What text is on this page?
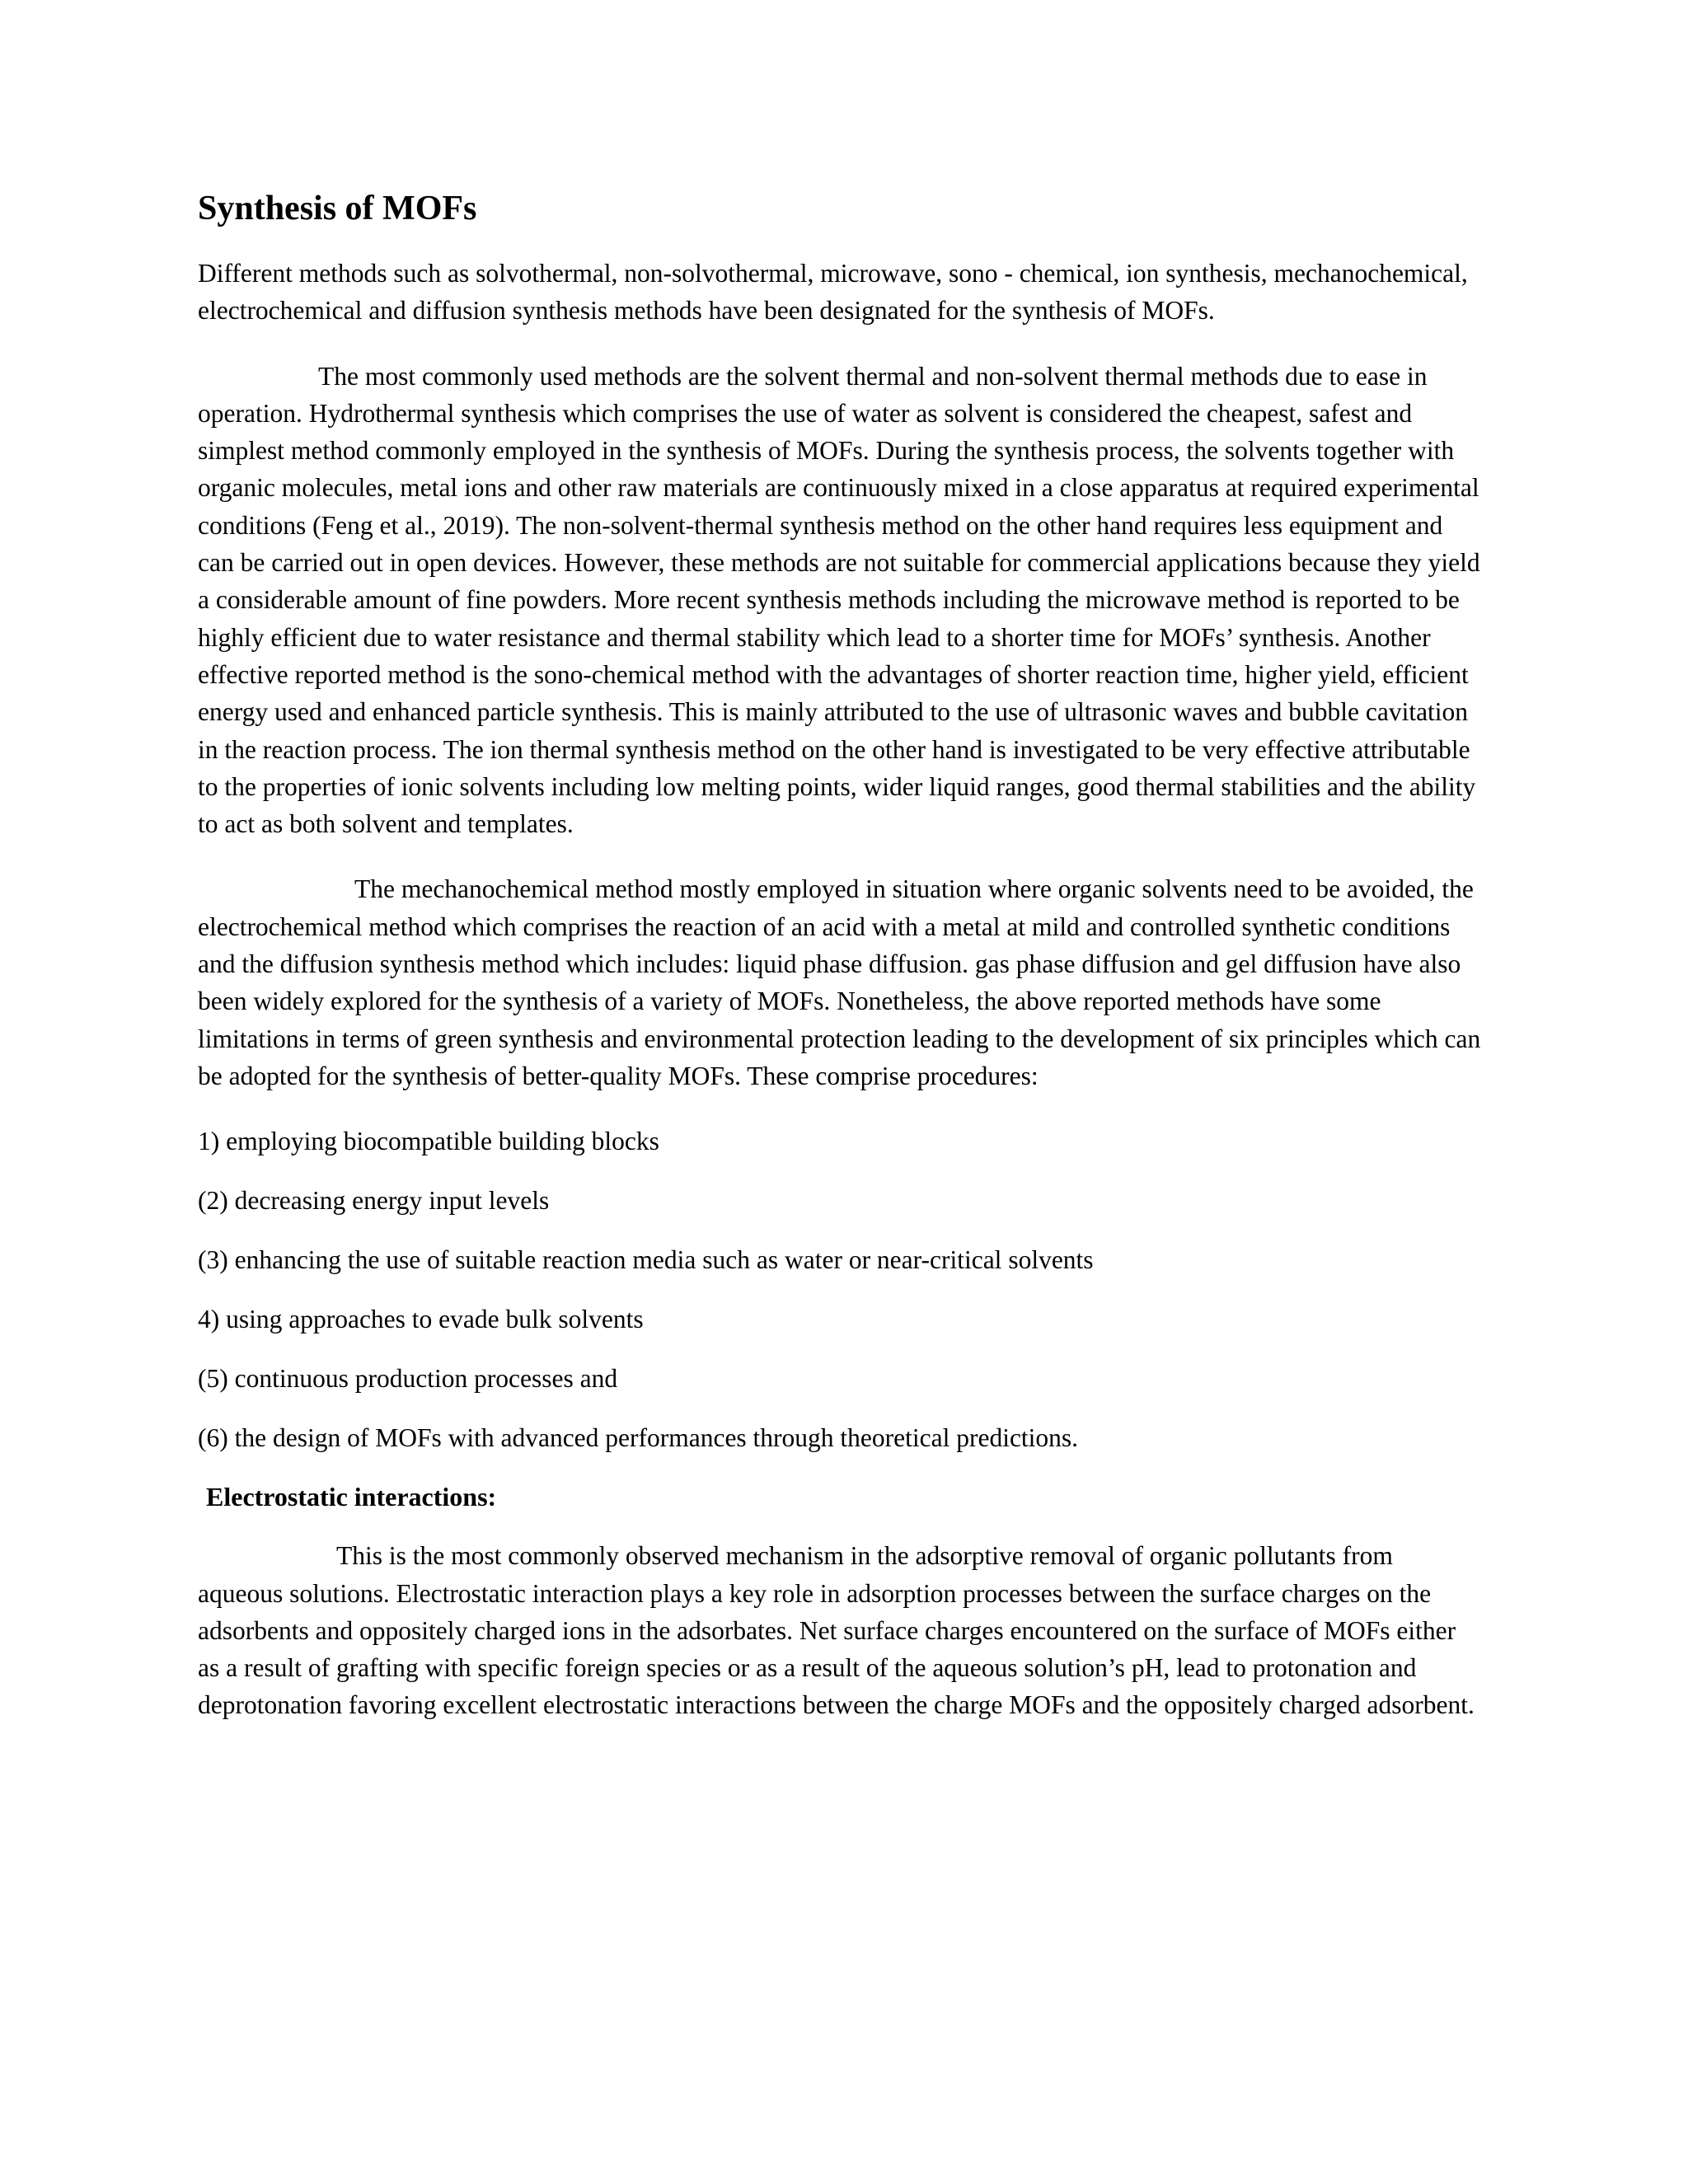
Synthesis of MOFs

Different methods such as solvothermal, non-solvothermal, microwave, sono - chemical, ion synthesis, mechanochemical, electrochemical and diffusion synthesis methods have been designated for the synthesis of MOFs.

The most commonly used methods are the solvent thermal and non-solvent thermal methods due to ease in operation. Hydrothermal synthesis which comprises the use of water as solvent is considered the cheapest, safest and simplest method commonly employed in the synthesis of MOFs. During the synthesis process, the solvents together with organic molecules, metal ions and other raw materials are continuously mixed in a close apparatus at required experimental conditions (Feng et al., 2019). The non-solvent-thermal synthesis method on the other hand requires less equipment and can be carried out in open devices. However, these methods are not suitable for commercial applications because they yield a considerable amount of fine powders. More recent synthesis methods including the microwave method is reported to be highly efficient due to water resistance and thermal stability which lead to a shorter time for MOFs’ synthesis. Another effective reported method is the sono-chemical method with the advantages of shorter reaction time, higher yield, efficient energy used and enhanced particle synthesis. This is mainly attributed to the use of ultrasonic waves and bubble cavitation in the reaction process. The ion thermal synthesis method on the other hand is investigated to be very effective attributable to the properties of ionic solvents including low melting points, wider liquid ranges, good thermal stabilities and the ability to act as both solvent and templates.

The mechanochemical method mostly employed in situation where organic solvents need to be avoided, the electrochemical method which comprises the reaction of an acid with a metal at mild and controlled synthetic conditions and the diffusion synthesis method which includes: liquid phase diffusion. gas phase diffusion and gel diffusion have also been widely explored for the synthesis of a variety of MOFs. Nonetheless, the above reported methods have some limitations in terms of green synthesis and environmental protection leading to the development of six principles which can be adopted for the synthesis of better-quality MOFs. These comprise procedures:

1) employing biocompatible building blocks

(2) decreasing energy input levels

(3) enhancing the use of suitable reaction media such as water or near-critical solvents

4) using approaches to evade bulk solvents

(5) continuous production processes and

(6) the design of MOFs with advanced performances through theoretical predictions.

Electrostatic interactions:

This is the most commonly observed mechanism in the adsorptive removal of organic pollutants from aqueous solutions. Electrostatic interaction plays a key role in adsorption processes between the surface charges on the adsorbents and oppositely charged ions in the adsorbates. Net surface charges encountered on the surface of MOFs either as a result of grafting with specific foreign species or as a result of the aqueous solution’s pH, lead to protonation and deprotonation favoring excellent electrostatic interactions between the charge MOFs and the oppositely charged adsorbent.
